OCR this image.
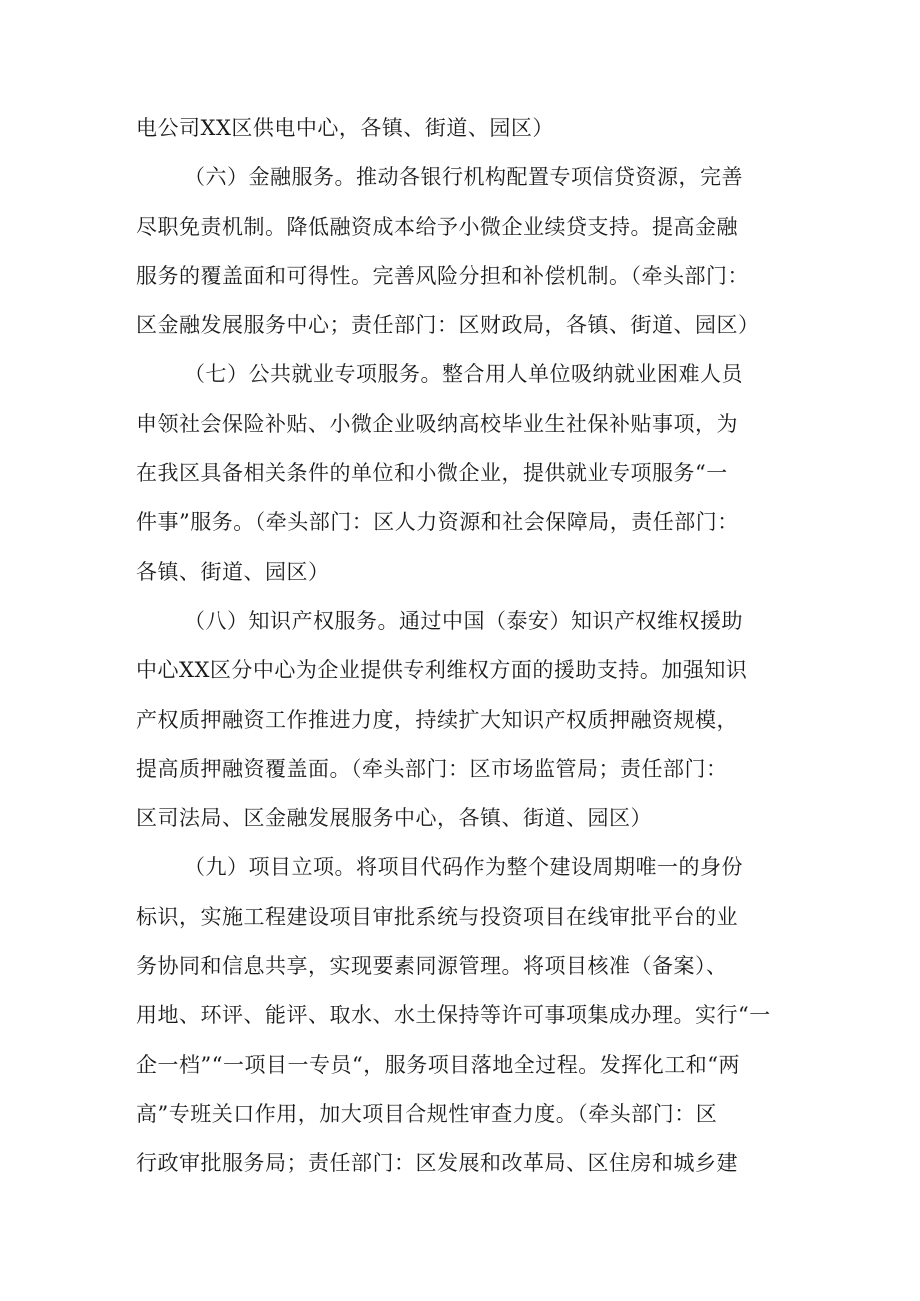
电公司XX区供电中心，各镇、街道、园区）
（六）金融服务。推动各银行机构配置专项信贷资源，完善
尽职免责机制。降低融资成本给予小微企业续贷支持。提高金融
服务的覆盖面和可得性。完善风险分担和补偿机制。（牵头部门：
区金融发展服务中心；责任部门：区财政局，各镇、街道、园区）
（七）公共就业专项服务。整合用人单位吸纳就业困难人员
申领社会保险补贴、小微企业吸纳高校毕业生社保补贴事项，为
在我区具备相关条件的单位和小微企业，提供就业专项服务“一
件事”服务。（牵头部门：区人力资源和社会保障局，责任部门：
各镇、街道、园区）
（八）知识产权服务。通过中国（泰安）知识产权维权援助
中心XX区分中心为企业提供专利维权方面的援助支持。加强知识
产权质押融资工作推进力度，持续扩大知识产权质押融资规模，
提高质押融资覆盖面。（牵头部门：区市场监管局；责任部门：
区司法局、区金融发展服务中心，各镇、街道、园区）
（九）项目立项。将项目代码作为整个建设周期唯一的身份
标识，实施工程建设项目审批系统与投资项目在线审批平台的业
务协同和信息共享，实现要素同源管理。将项目核准（备案）、
用地、环评、能评、取水、水土保持等许可事项集成办理。实行“一
企一档”“一项目一专员“，服务项目落地全过程。发挥化工和“两
高”专班关口作用，加大项目合规性审查力度。（牵头部门：区
行政审批服务局；责任部门：区发展和改革局、区住房和城乡建
